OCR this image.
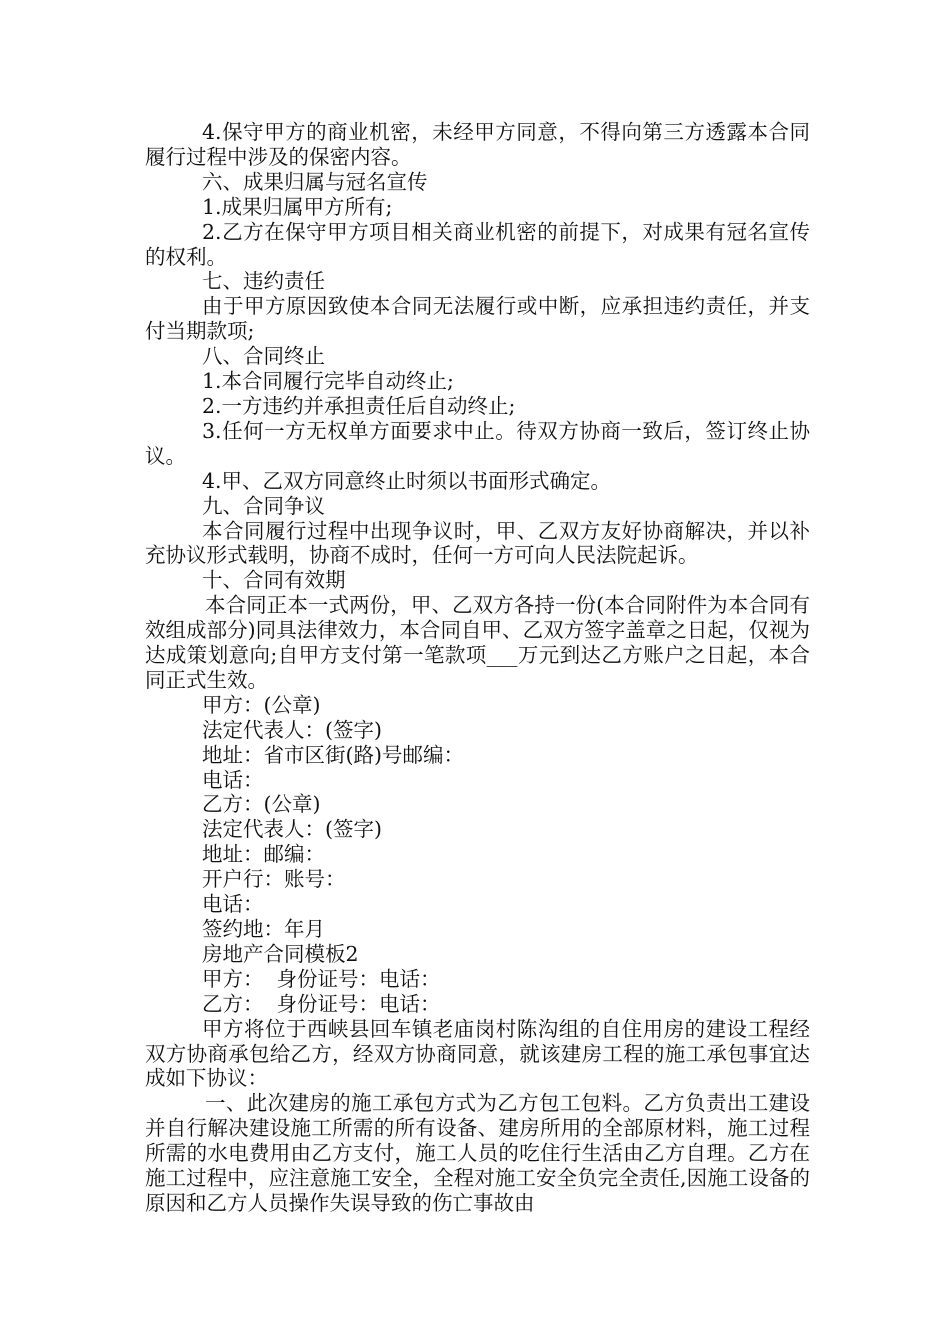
4.保守甲方的商业机密，未经甲方同意，不得向第三方透露本合同履行过程中涉及的保密内容。

六、成果归属与冠名宣传

1.成果归属甲方所有;

2.乙方在保守甲方项目相关商业机密的前提下，对成果有冠名宣传的权利。

七、违约责任

由于甲方原因致使本合同无法履行或中断，应承担违约责任，并支付当期款项;

八、合同终止

1.本合同履行完毕自动终止;

2.一方违约并承担责任后自动终止;

3.任何一方无权单方面要求中止。待双方协商一致后，签订终止协议。

4.甲、乙双方同意终止时须以书面形式确定。

九、合同争议

本合同履行过程中出现争议时，甲、乙双方友好协商解决，并以补充协议形式载明，协商不成时，任何一方可向人民法院起诉。

十、合同有效期

本合同正本一式两份，甲、乙双方各持一份(本合同附件为本合同有效组成部分)同具法律效力，本合同自甲、乙双方签字盖章之日起，仅视为达成策划意向;自甲方支付第一笔款项___万元到达乙方账户之日起，本合同正式生效。

甲方：(公章)

法定代表人：(签字)

地址：省市区街(路)号邮编：

电话：

乙方：(公章)

法定代表人：(签字)

地址：邮编：

开户行：账号：

电话：

签约地：年月

房地产合同模板2

甲方：  身份证号：电话：

乙方：  身份证号：电话：

甲方将位于西峡县回车镇老庙岗村陈沟组的自住用房的建设工程经双方协商承包给乙方，经双方协商同意，就该建房工程的施工承包事宜达成如下协议：

一、此次建房的施工承包方式为乙方包工包料。乙方负责出工建设并自行解决建设施工所需的所有设备、建房所用的全部原材料，施工过程所需的水电费用由乙方支付，施工人员的吃住行生活由乙方自理。乙方在施工过程中，应注意施工安全，全程对施工安全负完全责任,因施工设备的原因和乙方人员操作失误导致的伤亡事故由
